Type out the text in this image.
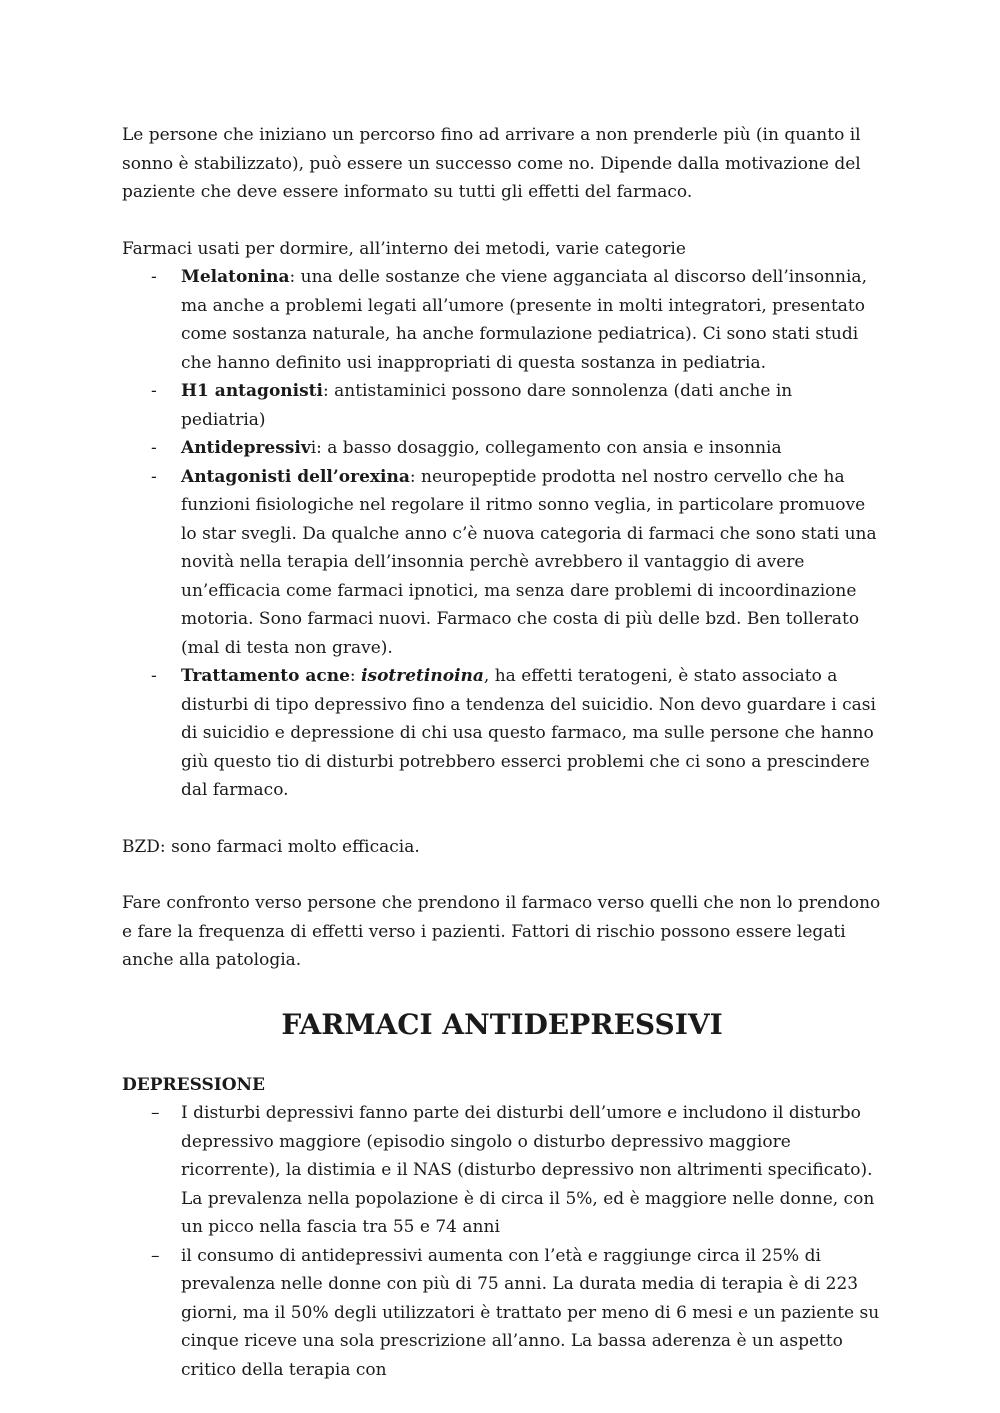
Le persone che iniziano un percorso fino ad arrivare a non prenderle più (in quanto il sonno è stabilizzato), può essere un successo come no. Dipende dalla motivazione del paziente che deve essere informato su tutti gli effetti del farmaco.

Farmaci usati per dormire, all’interno dei metodi, varie categorie

- Melatonina: una delle sostanze che viene agganciata al discorso dell’insonnia, ma anche a problemi legati all’umore (presente in molti integratori, presentato come sostanza naturale, ha anche formulazione pediatrica). Ci sono stati studi che hanno definito usi inappropriati di questa sostanza in pediatria.
- H1 antagonisti: antistaminici possono dare sonnolenza (dati anche in pediatria)
- Antidepressivi: a basso dosaggio, collegamento con ansia e insonnia
- Antagonisti dell’orexina: neuropeptide prodotta nel nostro cervello che ha funzioni fisiologiche nel regolare il ritmo sonno veglia, in particolare promuove lo star svegli. Da qualche anno c’è nuova categoria di farmaci che sono stati una novità nella terapia dell’insonnia perchè avrebbero il vantaggio di avere un’efficacia come farmaci ipnotici, ma senza dare problemi di incoordinazione motoria. Sono farmaci nuovi. Farmaco che costa di più delle bzd. Ben tollerato (mal di testa non grave).
- Trattamento acne: isotretinoina, ha effetti teratogeni, è stato associato a disturbi di tipo depressivo fino a tendenza del suicidio. Non devo guardare i casi di suicidio e depressione di chi usa questo farmaco, ma sulle persone che hanno giù questo tio di disturbi potrebbero esserci problemi che ci sono a prescindere dal farmaco.

BZD: sono farmaci molto efficacia.

Fare confronto verso persone che prendono il farmaco verso quelli che non lo prendono e fare la frequenza di effetti verso i pazienti. Fattori di rischio possono essere legati anche alla patologia.

FARMACI ANTIDEPRESSIVI
DEPRESSIONE
– I disturbi depressivi fanno parte dei disturbi dell’umore e includono il disturbo depressivo maggiore (episodio singolo o disturbo depressivo maggiore ricorrente), la distimia e il NAS (disturbo depressivo non altrimenti specificato). La prevalenza nella popolazione è di circa il 5%, ed è maggiore nelle donne, con un picco nella fascia tra 55 e 74 anni
– il consumo di antidepressivi aumenta con l’età e raggiunge circa il 25% di prevalenza nelle donne con più di 75 anni. La durata media di terapia è di 223 giorni, ma il 50% degli utilizzatori è trattato per meno di 6 mesi e un paziente su cinque riceve una sola prescrizione all’anno. La bassa aderenza è un aspetto critico della terapia con
